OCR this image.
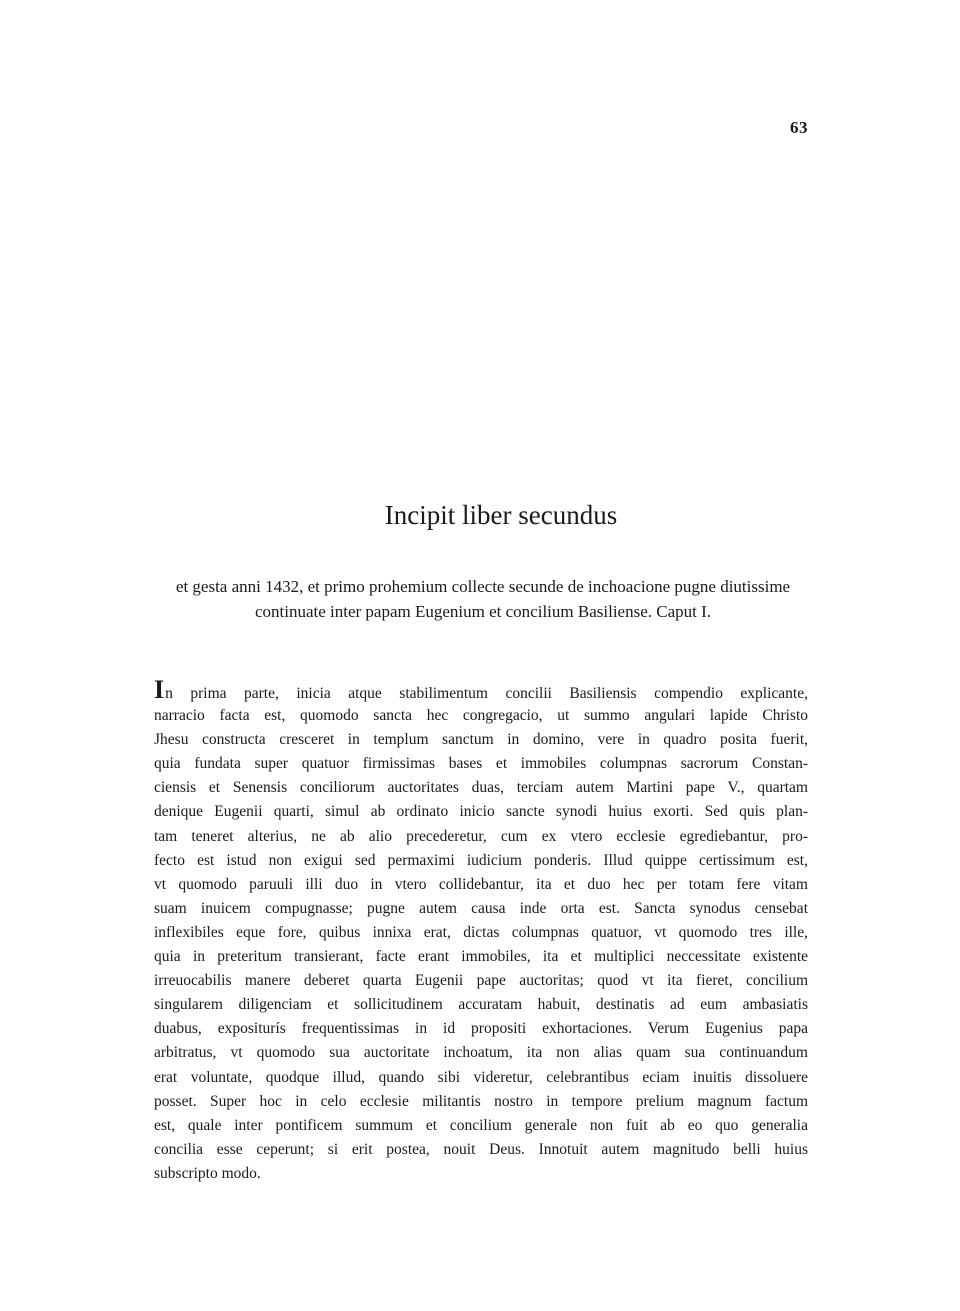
63
Incipit liber secundus
et gesta anni 1432, et primo prohemium collecte secunde de inchoacione pugne diutissime
continuate inter papam Eugenium et concilium Basiliense. Caput I.
In prima parte, inicia atque stabilimentum concilii Basiliensis compendio explicante,
narracio facta est, quomodo sancta hec congregacio, ut summo angulari lapide Christo
Jhesu constructa cresceret in templum sanctum in domino, vere in quadro posita fuerit,
quia fundata super quatuor firmissimas bases et immobiles columpnas sacrorum Constan-
ciensis et Senensis conciliorum auctoritates duas, terciam autem Martini pape V., quartam
denique Eugenii quarti, simul ab ordinato inicio sancte synodi huius exorti. Sed quis plan-
tam teneret alterius, ne ab alio precederetur, cum ex vtero ecclesie egrediebantur, pro-
fecto est istud non exigui sed permaximi iudicium ponderis. Illud quippe certissimum est,
vt quomodo paruuli illi duo in vtero collidebantur, ita et duo hec per totam fere vitam
suam inuicem compugnasse; pugne autem causa inde orta est. Sancta synodus censebat
inflexibiles eque fore, quibus innixa erat, dictas columpnas quatuor, vt quomodo tres ille,
quia in preteritum transierant, facte erant immobiles, ita et multiplici neccessitate existente
irreuocabilis manere deberet quarta Eugenii pape auctoritas; quod vt ita fieret, concilium
singularem diligenciam et sollicitudinem accuratam habuit, destinatis ad eum ambasiatis
duabus, expositurís frequentissimas in id propositi exhortaciones. Verum Eugenius papa
arbitratus, vt quomodo sua auctoritate inchoatum, ita non alias quam sua continuandum
erat voluntate, quodque illud, quando sibi videretur, celebrantibus eciam inuitis dissoluere
posset. Super hoc in celo ecclesie militantis nostro in tempore prelium magnum factum
est, quale inter pontificem summum et concilium generale non fuit ab eo quo generalia
concilia esse ceperunt; si erit postea, nouit Deus. Innotuit autem magnitudo belli huius
subscripto modo.
